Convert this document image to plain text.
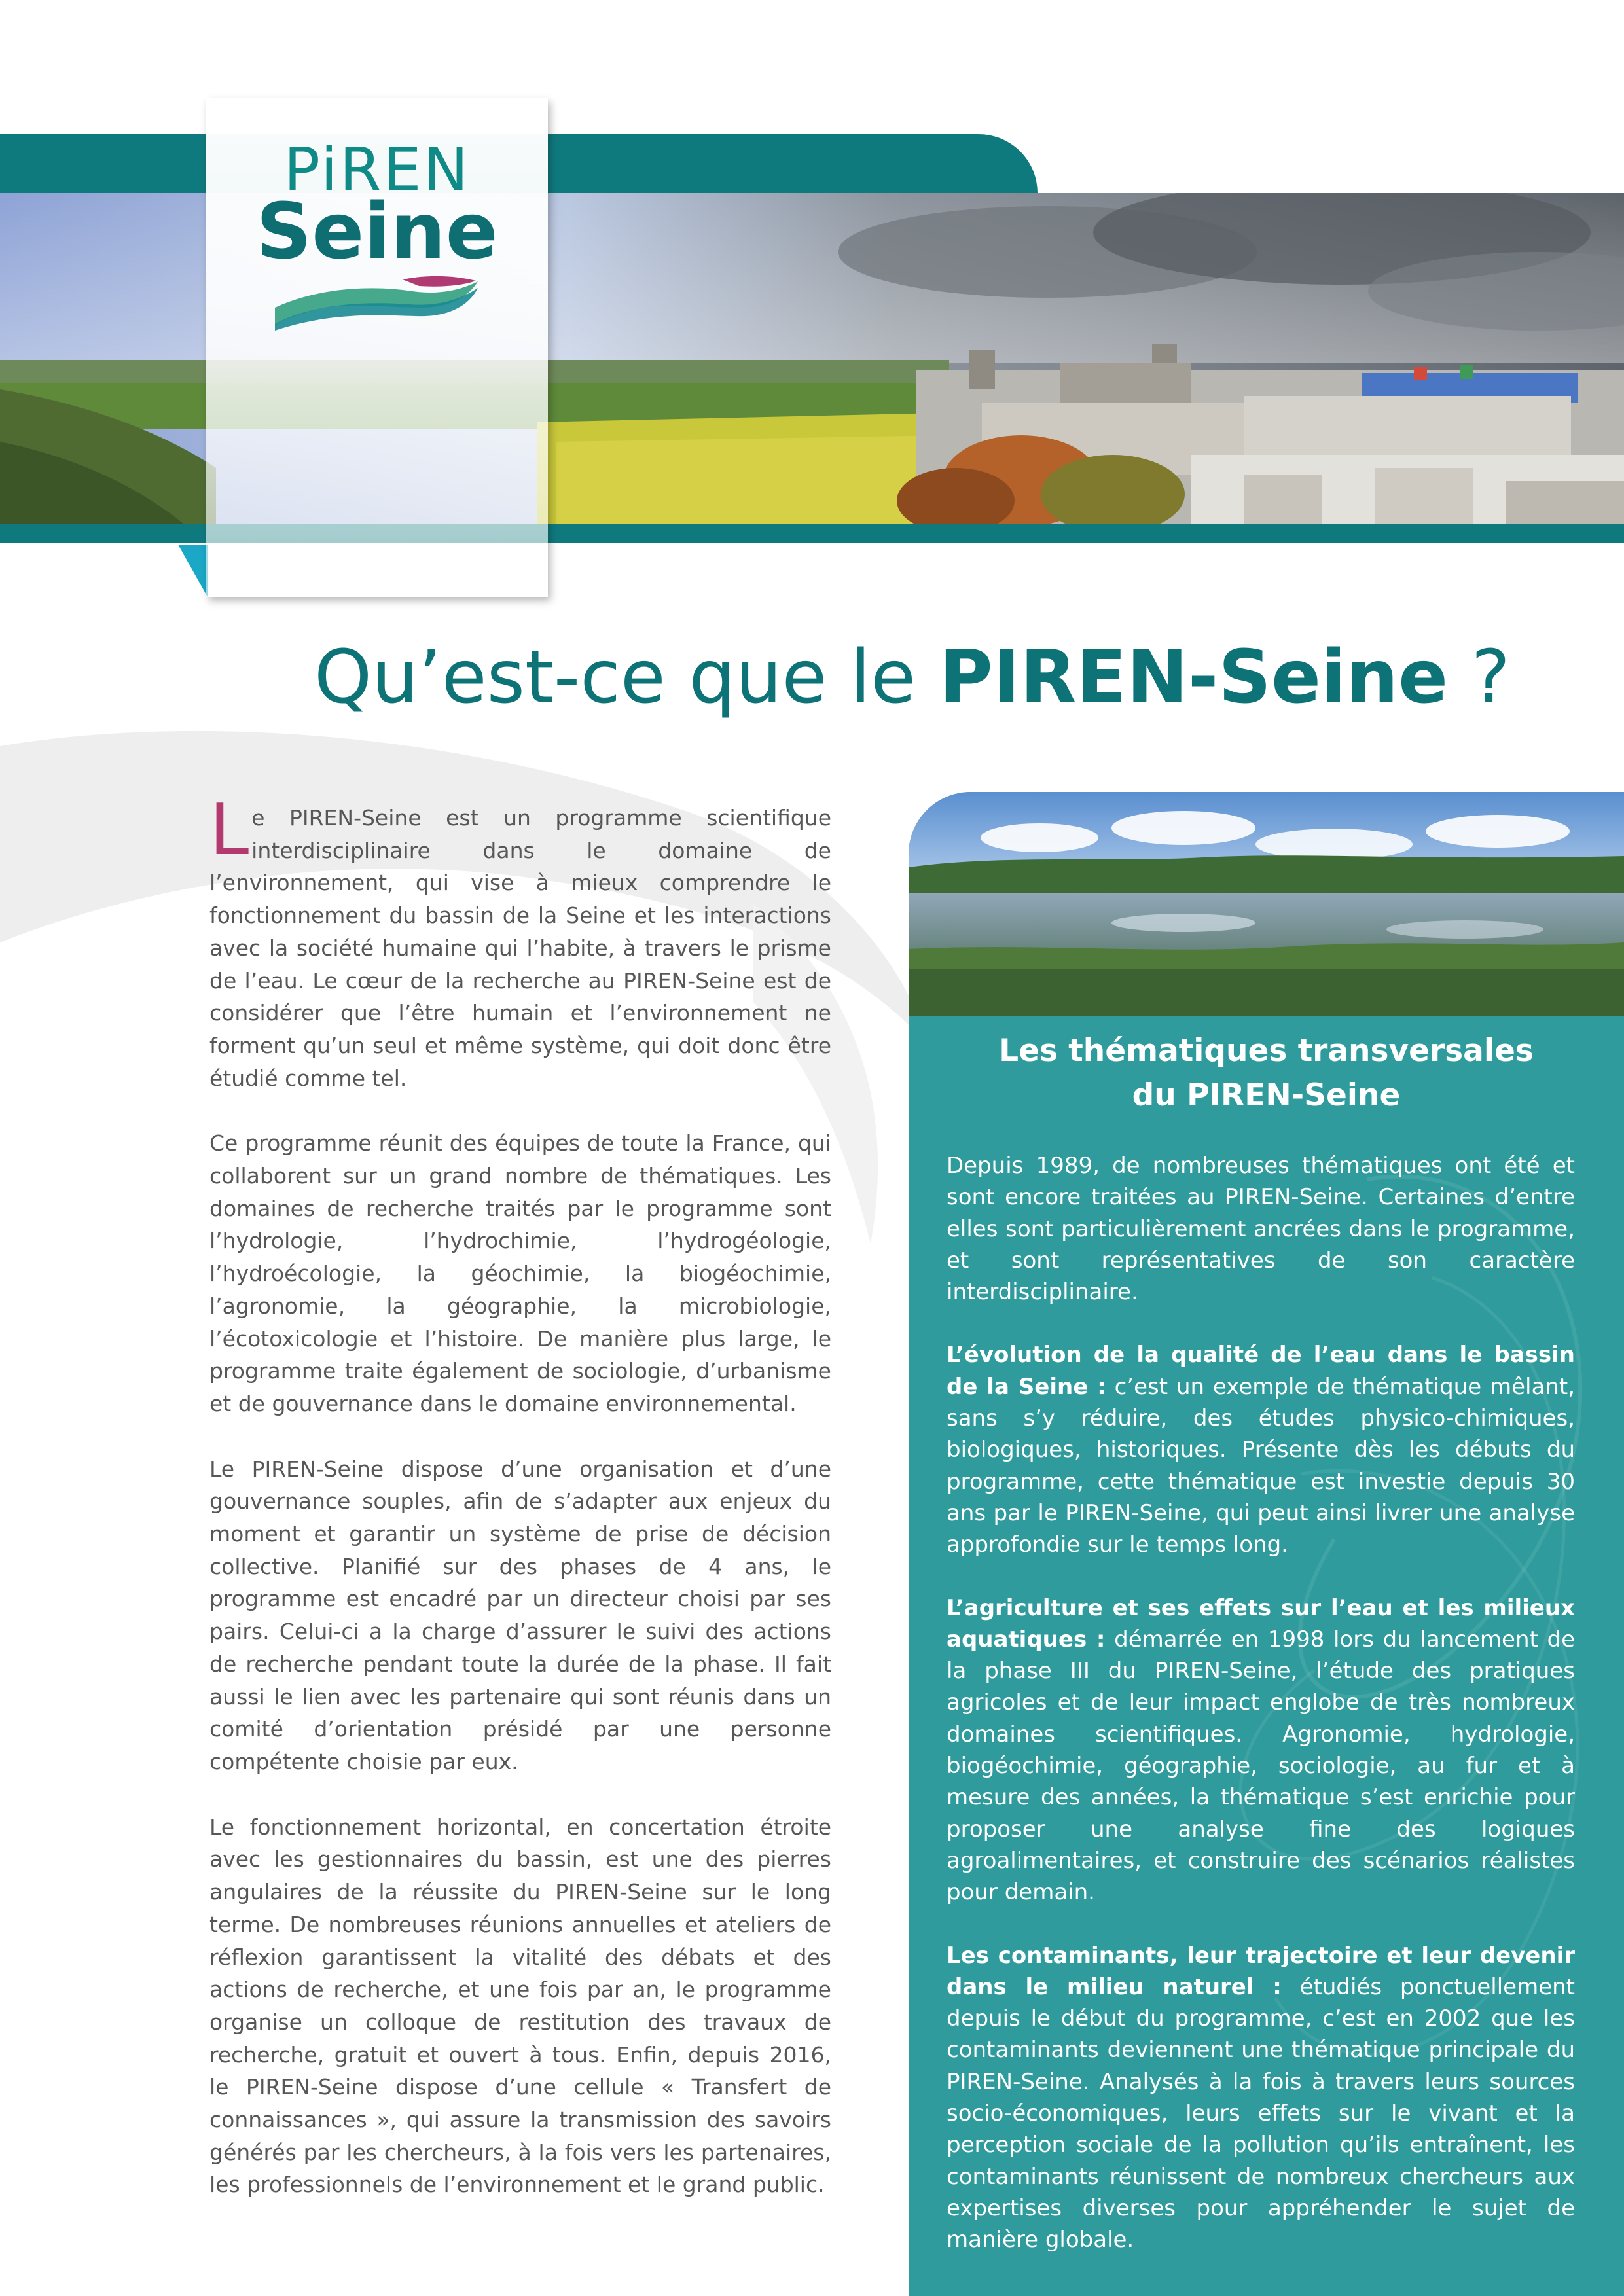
PiREN
Seine
Qu’est-ce que le PIREN-Seine ?

Le PIREN-Seine est un programme scientifique interdisciplinaire dans le domaine de l’environnement, qui vise à mieux comprendre le fonctionnement du bassin de la Seine et les interactions avec la société humaine qui l’habite, à travers le prisme de l’eau. Le cœur de la recherche au PIREN-Seine est de considérer que l’être humain et l’environnement ne forment qu’un seul et même système, qui doit donc être étudié comme tel.

Ce programme réunit des équipes de toute la France, qui collaborent sur un grand nombre de thématiques. Les domaines de recherche traités par le programme sont l’hydrologie, l’hydrochimie, l’hydrogéologie, l’hydroécologie, la géochimie, la biogéochimie, l’agronomie, la géographie, la microbiologie, l’écotoxicologie et l’histoire. De manière plus large, le programme traite également de sociologie, d’urbanisme et de gouvernance dans le domaine environnemental.

Le PIREN-Seine dispose d’une organisation et d’une gouvernance souples, afin de s’adapter aux enjeux du moment et garantir un système de prise de décision collective. Planifié sur des phases de 4 ans, le programme est encadré par un directeur choisi par ses pairs. Celui-ci a la charge d’assurer le suivi des actions de recherche pendant toute la durée de la phase. Il fait aussi le lien avec les partenaire qui sont réunis dans un comité d’orientation présidé par une personne compétente choisie par eux.

Le fonctionnement horizontal, en concertation étroite avec les gestionnaires du bassin, est une des pierres angulaires de la réussite du PIREN-Seine sur le long terme. De nombreuses réunions annuelles et ateliers de réflexion garantissent la vitalité des débats et des actions de recherche, et une fois par an, le programme organise un colloque de restitution des travaux de recherche, gratuit et ouvert à tous. Enfin, depuis 2016, le PIREN-Seine dispose d’une cellule « Transfert de connaissances », qui assure la transmission des savoirs générés par les chercheurs, à la fois vers les partenaires, les professionnels de l’environnement et le grand public.

Les thématiques transversales
du PIREN-Seine

Depuis 1989, de nombreuses thématiques ont été et sont encore traitées au PIREN-Seine. Certaines d’entre elles sont particulièrement ancrées dans le programme, et sont représentatives de son caractère interdisciplinaire.

L’évolution de la qualité de l’eau dans le bassin de la Seine : c’est un exemple de thématique mêlant, sans s’y réduire, des études physico-chimiques, biologiques, historiques. Présente dès les débuts du programme, cette thématique est investie depuis 30 ans par le PIREN-Seine, qui peut ainsi livrer une analyse approfondie sur le temps long.

L’agriculture et ses effets sur l’eau et les milieux aquatiques : démarrée en 1998 lors du lancement de la phase III du PIREN-Seine, l’étude des pratiques agricoles et de leur impact englobe de très nombreux domaines scientifiques. Agronomie, hydrologie, biogéochimie, géographie, sociologie, au fur et à mesure des années, la thématique s’est enrichie pour proposer une analyse fine des logiques agroalimentaires, et construire des scénarios réalistes pour demain.

Les contaminants, leur trajectoire et leur devenir dans le milieu naturel : étudiés ponctuellement depuis le début du programme, c’est en 2002 que les contaminants deviennent une thématique principale du PIREN-Seine. Analysés à la fois à travers leurs sources socio-économiques, leurs effets sur le vivant et la perception sociale de la pollution qu’ils entraînent, les contaminants réunissent de nombreux chercheurs aux expertises diverses pour appréhender le sujet de manière globale.
